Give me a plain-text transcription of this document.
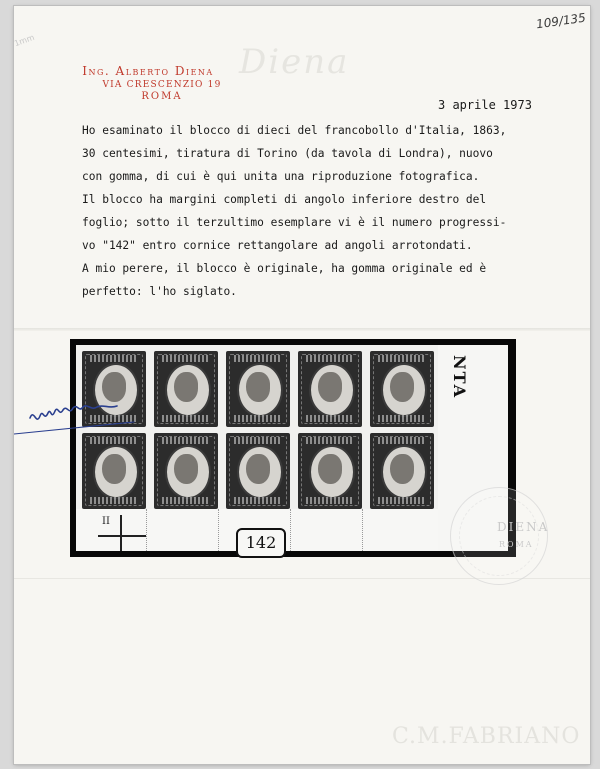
1mm
109/135
Diena
Ing. Alberto Diena
VIA CRESCENZIO 19
ROMA
3 aprile 1973
Ho esaminato il blocco di dieci del francobollo d'Italia, 1863,
30 centesimi, tiratura di Torino (da tavola di Londra), nuovo
con gomma, di cui è qui unita una riproduzione fotografica.
Il blocco ha margini completi di angolo inferiore destro del
foglio; sotto il terzultimo esemplare vi è il numero progressi-
vo "142" entro cornice rettangolare ad angoli arrotondati.
A mio perere, il blocco è originale, ha gomma originale ed è
perfetto: l'ho siglato.
NTA
II
142
DIENA
ROMA
C.M.FABRIANO
